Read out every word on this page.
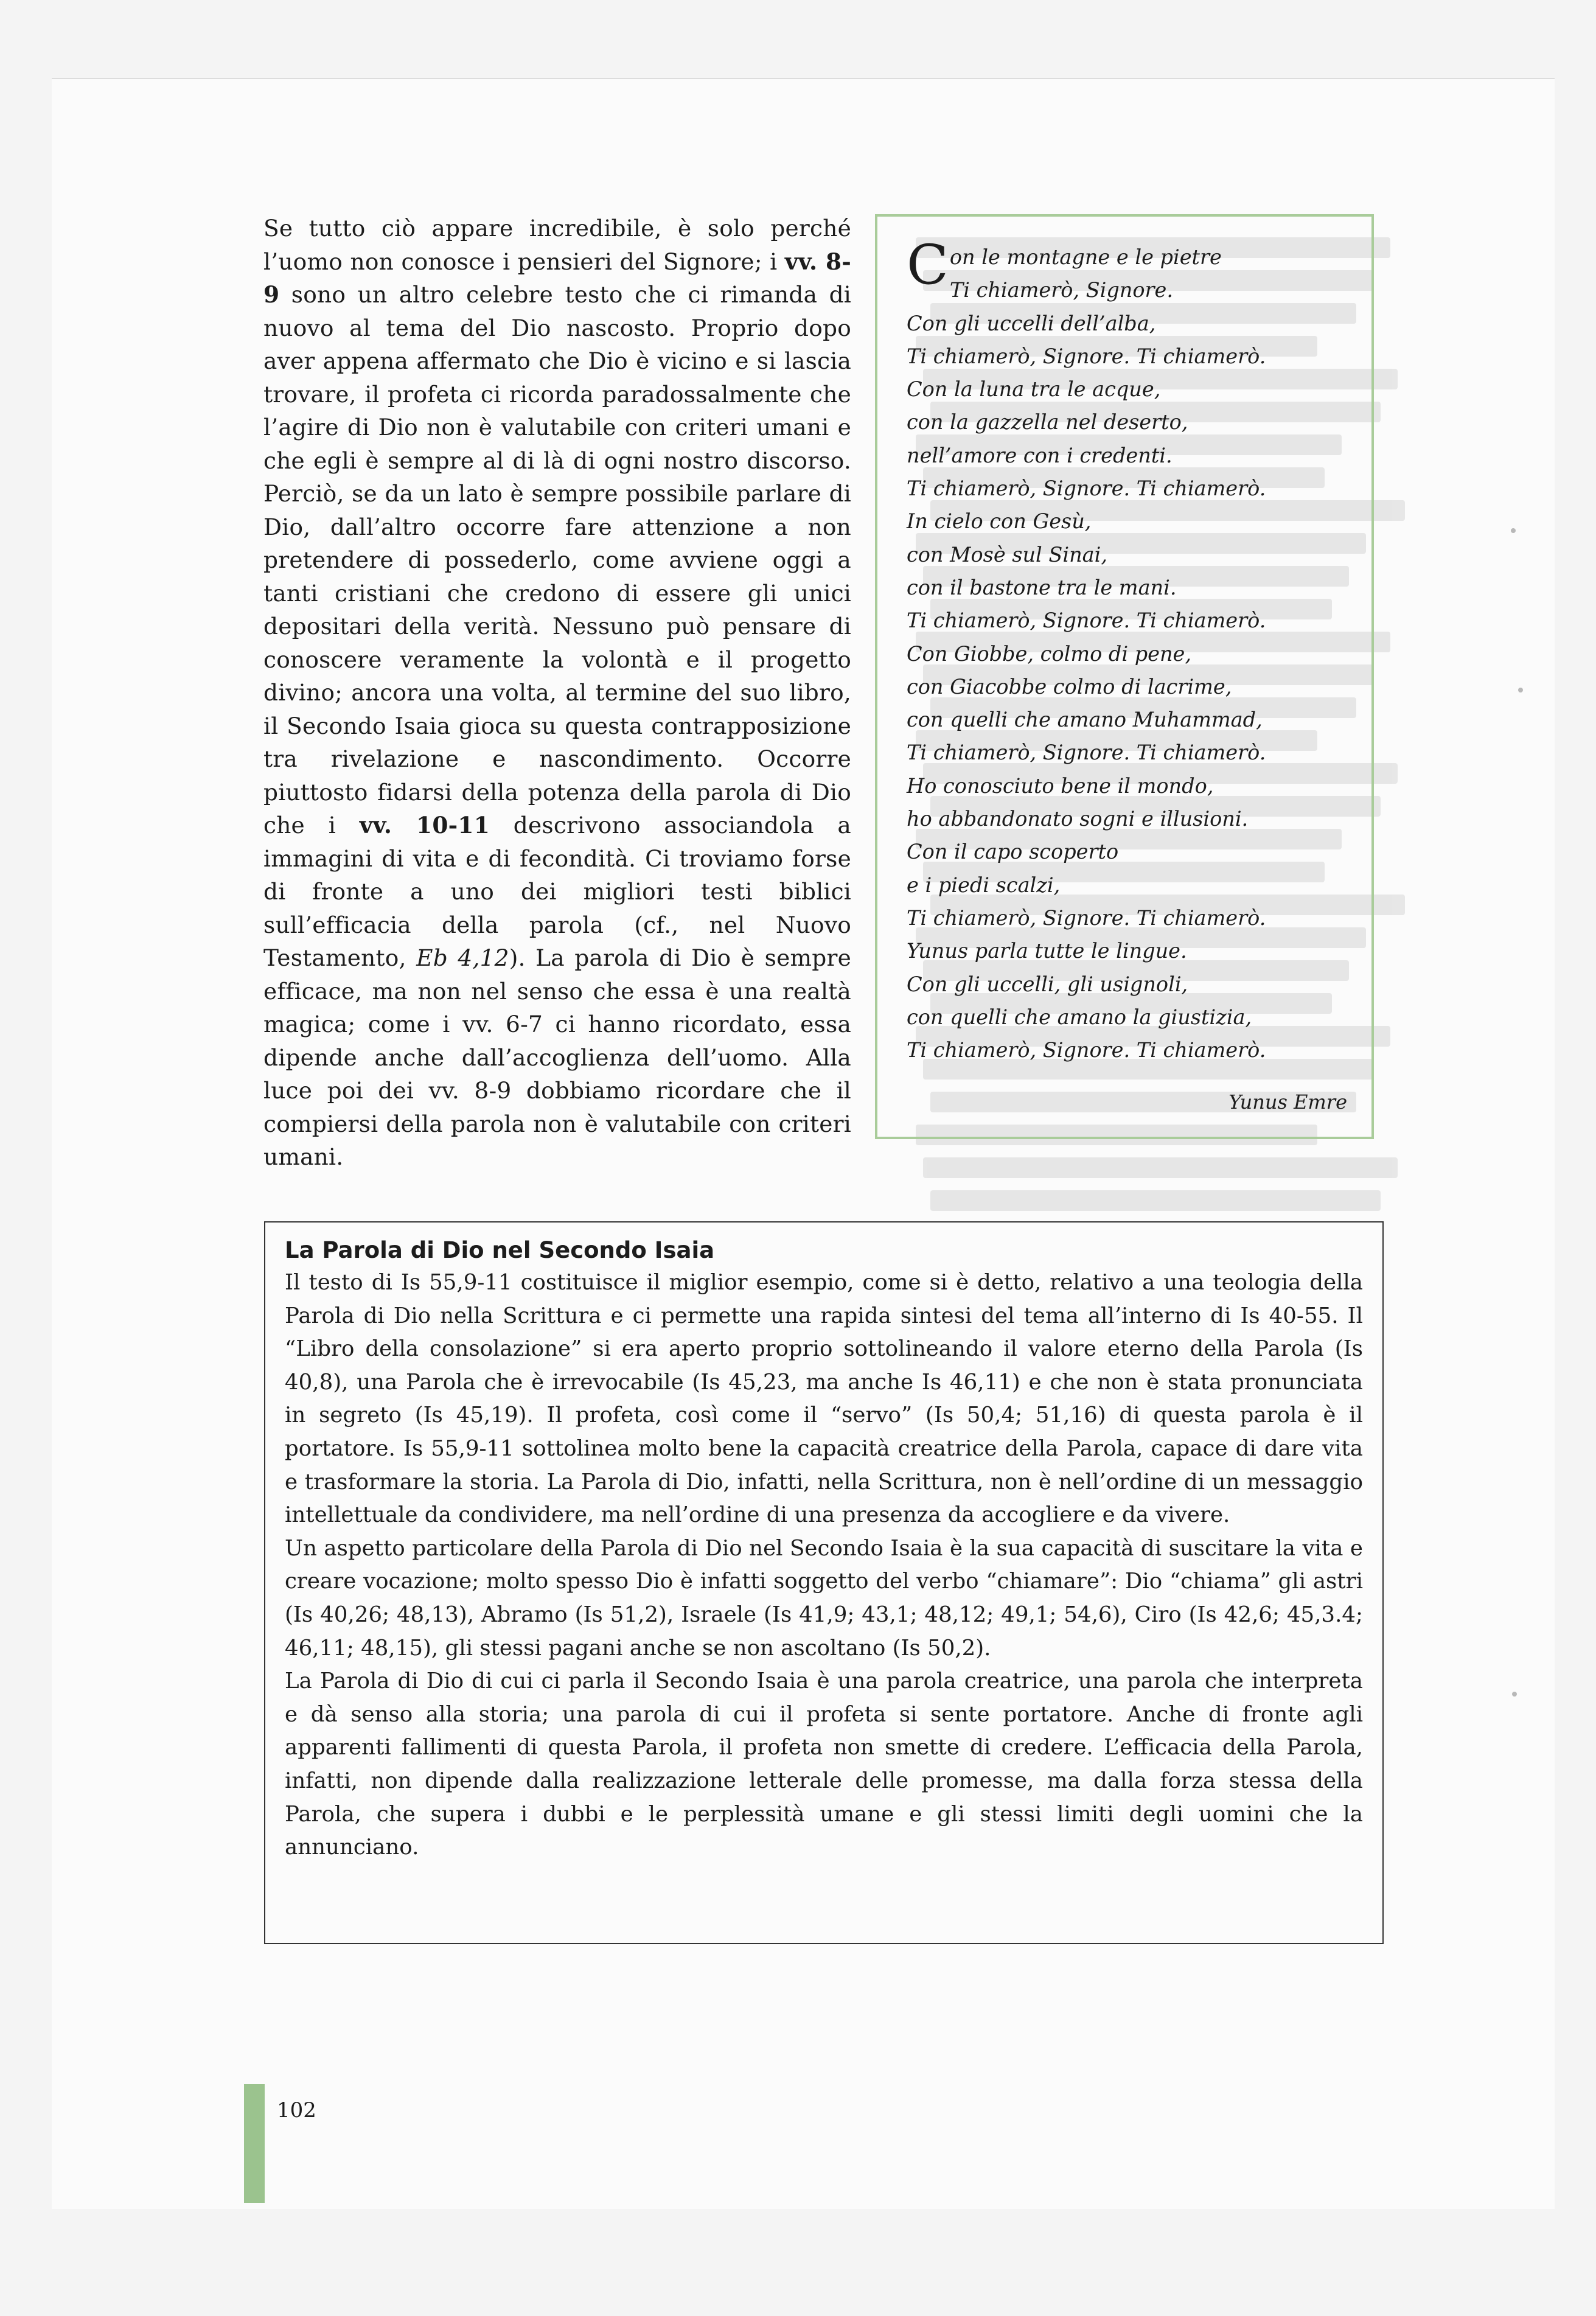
Se tutto ciò appare incredibile, è solo perché l’uomo non conosce i pensieri del Signore; i vv. 8-9 sono un altro celebre testo che ci rimanda di nuovo al tema del Dio nascosto. Proprio dopo aver appena affermato che Dio è vicino e si lascia trovare, il profeta ci ricorda paradossalmente che l’agire di Dio non è valutabile con criteri umani e che egli è sempre al di là di ogni nostro discorso. Perciò, se da un lato è sempre possibile parlare di Dio, dall’altro occorre fare attenzione a non pretendere di possederlo, come avviene oggi a tanti cristiani che credono di essere gli unici depositari della verità. Nessuno può pensare di conoscere veramente la volontà e il progetto divino; ancora una volta, al termine del suo libro, il Secondo Isaia gioca su questa contrapposizione tra rivelazione e nascondimento. Occorre piuttosto fidarsi della potenza della parola di Dio che i vv. 10-11 descrivono associandola a immagini di vita e di fecondità. Ci troviamo forse di fronte a uno dei migliori testi biblici sull’efficacia della parola (cf., nel Nuovo Testamento, Eb 4,12). La parola di Dio è sempre efficace, ma non nel senso che essa è una realtà magica; come i vv. 6-7 ci hanno ricordato, essa dipende anche dall’accoglienza dell’uomo. Alla luce poi dei vv. 8-9 dobbiamo ricordare che il compiersi della parola non è valutabile con criteri umani.

Con le montagne e le pietre
Ti chiamerò, Signore.
Con gli uccelli dell’alba,
Ti chiamerò, Signore. Ti chiamerò.
Con la luna tra le acque,
con la gazzella nel deserto,
nell’amore con i credenti.
Ti chiamerò, Signore. Ti chiamerò.
In cielo con Gesù,
con Mosè sul Sinai,
con il bastone tra le mani.
Ti chiamerò, Signore. Ti chiamerò.
Con Giobbe, colmo di pene,
con Giacobbe colmo di lacrime,
con quelli che amano Muhammad,
Ti chiamerò, Signore. Ti chiamerò.
Ho conosciuto bene il mondo,
ho abbandonato sogni e illusioni.
Con il capo scoperto
e i piedi scalzi,
Ti chiamerò, Signore. Ti chiamerò.
Yunus parla tutte le lingue.
Con gli uccelli, gli usignoli,
con quelli che amano la giustizia,
Ti chiamerò, Signore. Ti chiamerò.
Yunus Emre
La Parola di Dio nel Secondo Isaia

Il testo di Is 55,9-11 costituisce il miglior esempio, come si è detto, relativo a una teologia della Parola di Dio nella Scrittura e ci permette una rapida sintesi del tema all’interno di Is 40-55. Il “Libro della consolazione” si era aperto proprio sottolineando il valore eterno della Parola (Is 40,8), una Parola che è irrevocabile (Is 45,23, ma anche Is 46,11) e che non è stata pronunciata in segreto (Is 45,19). Il profeta, così come il “servo” (Is 50,4; 51,16) di questa parola è il portatore. Is 55,9-11 sottolinea molto bene la capacità creatrice della Parola, capace di dare vita e trasformare la storia. La Parola di Dio, infatti, nella Scrittura, non è nell’ordine di un messaggio intellettuale da condividere, ma nell’ordine di una presenza da accogliere e da vivere.

Un aspetto particolare della Parola di Dio nel Secondo Isaia è la sua capacità di suscitare la vita e creare vocazione; molto spesso Dio è infatti soggetto del verbo “chiamare”: Dio “chiama” gli astri (Is 40,26; 48,13), Abramo (Is 51,2), Israele (Is 41,9; 43,1; 48,12; 49,1; 54,6), Ciro (Is 42,6; 45,3.4; 46,11; 48,15), gli stessi pagani anche se non ascoltano (Is 50,2).

La Parola di Dio di cui ci parla il Secondo Isaia è una parola creatrice, una parola che interpreta e dà senso alla storia; una parola di cui il profeta si sente portatore. Anche di fronte agli apparenti fallimenti di questa Parola, il profeta non smette di credere. L’efficacia della Parola, infatti, non dipende dalla realizzazione letterale delle promesse, ma dalla forza stessa della Parola, che supera i dubbi e le perplessità umane e gli stessi limiti degli uomini che la annunciano.

102
